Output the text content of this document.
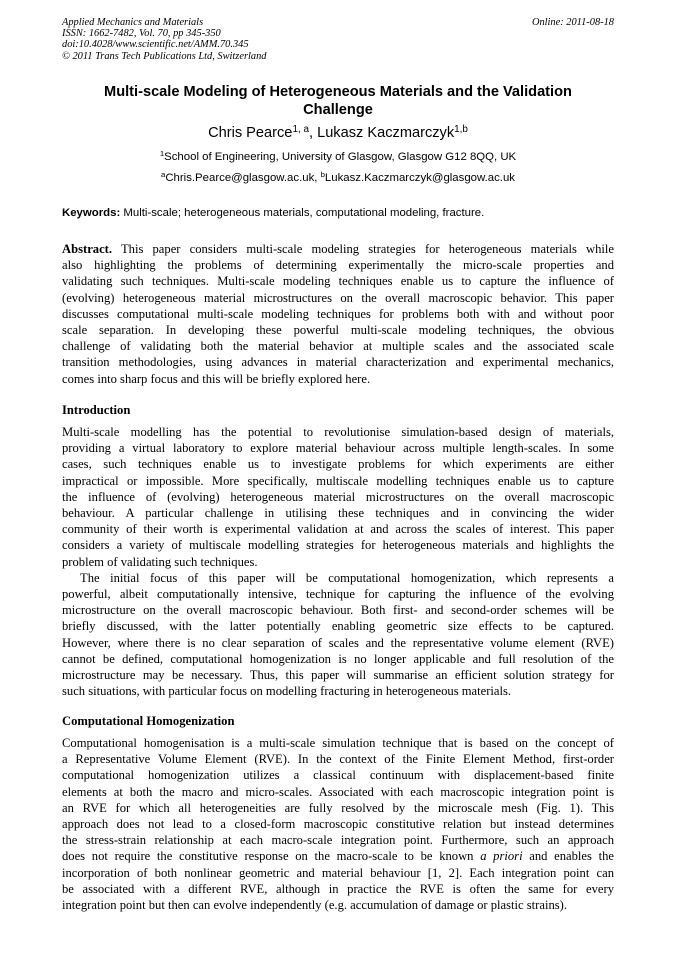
Applied Mechanics and Materials	Online: 2011-08-18
ISSN: 1662-7482, Vol. 70, pp 345-350
doi:10.4028/www.scientific.net/AMM.70.345
© 2011 Trans Tech Publications Ltd, Switzerland
Multi-scale Modeling of Heterogeneous Materials and the Validation
Challenge
Chris Pearce$^{1, a}$, Lukasz Kaczmarczyk$^{1,b}$
$^1$School of Engineering, University of Glasgow, Glasgow G12 8QQ, UK
$^a$Chris.Pearce@glasgow.ac.uk, $^b$Lukasz.Kaczmarczyk@glasgow.ac.uk
Keywords: Multi-scale; heterogeneous materials, computational modeling, fracture.
Abstract. This paper considers multi-scale modeling strategies for heterogeneous materials while
also highlighting the problems of determining experimentally the micro-scale properties and
validating such techniques. Multi-scale modeling techniques enable us to capture the influence of
(evolving) heterogeneous material microstructures on the overall macroscopic behavior. This paper
discusses computational multi-scale modeling techniques for problems both with and without poor
scale separation. In developing these powerful multi-scale modeling techniques, the obvious
challenge of validating both the material behavior at multiple scales and the associated scale
transition methodologies, using advances in material characterization and experimental mechanics,
comes into sharp focus and this will be briefly explored here.
Introduction
Multi-scale modelling has the potential to revolutionise simulation-based design of materials,
providing a virtual laboratory to explore material behaviour across multiple length-scales. In some
cases, such techniques enable us to investigate problems for which experiments are either
impractical or impossible. More specifically, multiscale modelling techniques enable us to capture
the influence of (evolving) heterogeneous material microstructures on the overall macroscopic
behaviour. A particular challenge in utilising these techniques and in convincing the wider
community of their worth is experimental validation at and across the scales of interest. This paper
considers a variety of multiscale modelling strategies for heterogeneous materials and highlights the
problem of validating such techniques.
The initial focus of this paper will be computational homogenization, which represents a
powerful, albeit computationally intensive, technique for capturing the influence of the evolving
microstructure on the overall macroscopic behaviour. Both first- and second-order schemes will be
briefly discussed, with the latter potentially enabling geometric size effects to be captured.
However, where there is no clear separation of scales and the representative volume element (RVE)
cannot be defined, computational homogenization is no longer applicable and full resolution of the
microstructure may be necessary. Thus, this paper will summarise an efficient solution strategy for
such situations, with particular focus on modelling fracturing in heterogeneous materials.
Computational Homogenization
Computational homogenisation is a multi-scale simulation technique that is based on the concept of
a Representative Volume Element (RVE). In the context of the Finite Element Method, first-order
computational homogenization utilizes a classical continuum with displacement-based finite
elements at both the macro and micro-scales. Associated with each macroscopic integration point is
an RVE for which all heterogeneities are fully resolved by the microscale mesh (Fig. 1). This
approach does not lead to a closed-form macroscopic constitutive relation but instead determines
the stress-strain relationship at each macro-scale integration point. Furthermore, such an approach
does not require the constitutive response on the macro-scale to be known a priori and enables the
incorporation of both nonlinear geometric and material behaviour [1, 2]. Each integration point can
be associated with a different RVE, although in practice the RVE is often the same for every
integration point but then can evolve independently (e.g. accumulation of damage or plastic strains).
